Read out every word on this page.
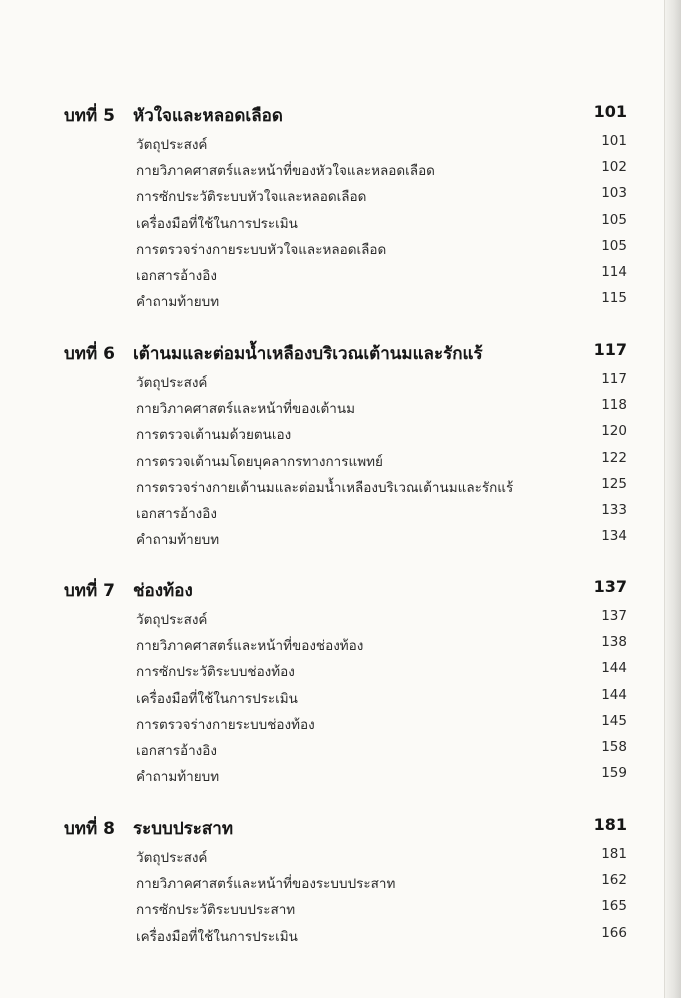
บทที่ 5 หัวใจและหลอดเลือด	101
วัตถุประสงค์	101
กายวิภาคศาสตร์และหน้าที่ของหัวใจและหลอดเลือด	102
การซักประวัติระบบหัวใจและหลอดเลือด	103
เครื่องมือที่ใช้ในการประเมิน	105
การตรวจร่างกายระบบหัวใจและหลอดเลือด	105
เอกสารอ้างอิง	114
คำถามท้ายบท	115
บทที่ 6 เต้านมและต่อมน้ำเหลืองบริเวณเต้านมและรักแร้	117
วัตถุประสงค์	117
กายวิภาคศาสตร์และหน้าที่ของเต้านม	118
การตรวจเต้านมด้วยตนเอง	120
การตรวจเต้านมโดยบุคลากรทางการแพทย์	122
การตรวจร่างกายเต้านมและต่อมน้ำเหลืองบริเวณเต้านมและรักแร้	125
เอกสารอ้างอิง	133
คำถามท้ายบท	134
บทที่ 7 ช่องท้อง	137
วัตถุประสงค์	137
กายวิภาคศาสตร์และหน้าที่ของช่องท้อง	138
การซักประวัติระบบช่องท้อง	144
เครื่องมือที่ใช้ในการประเมิน	144
การตรวจร่างกายระบบช่องท้อง	145
เอกสารอ้างอิง	158
คำถามท้ายบท	159
บทที่ 8 ระบบประสาท	181
วัตถุประสงค์	181
กายวิภาคศาสตร์และหน้าที่ของระบบประสาท	162
การซักประวัติระบบประสาท	165
เครื่องมือที่ใช้ในการประเมิน	166
